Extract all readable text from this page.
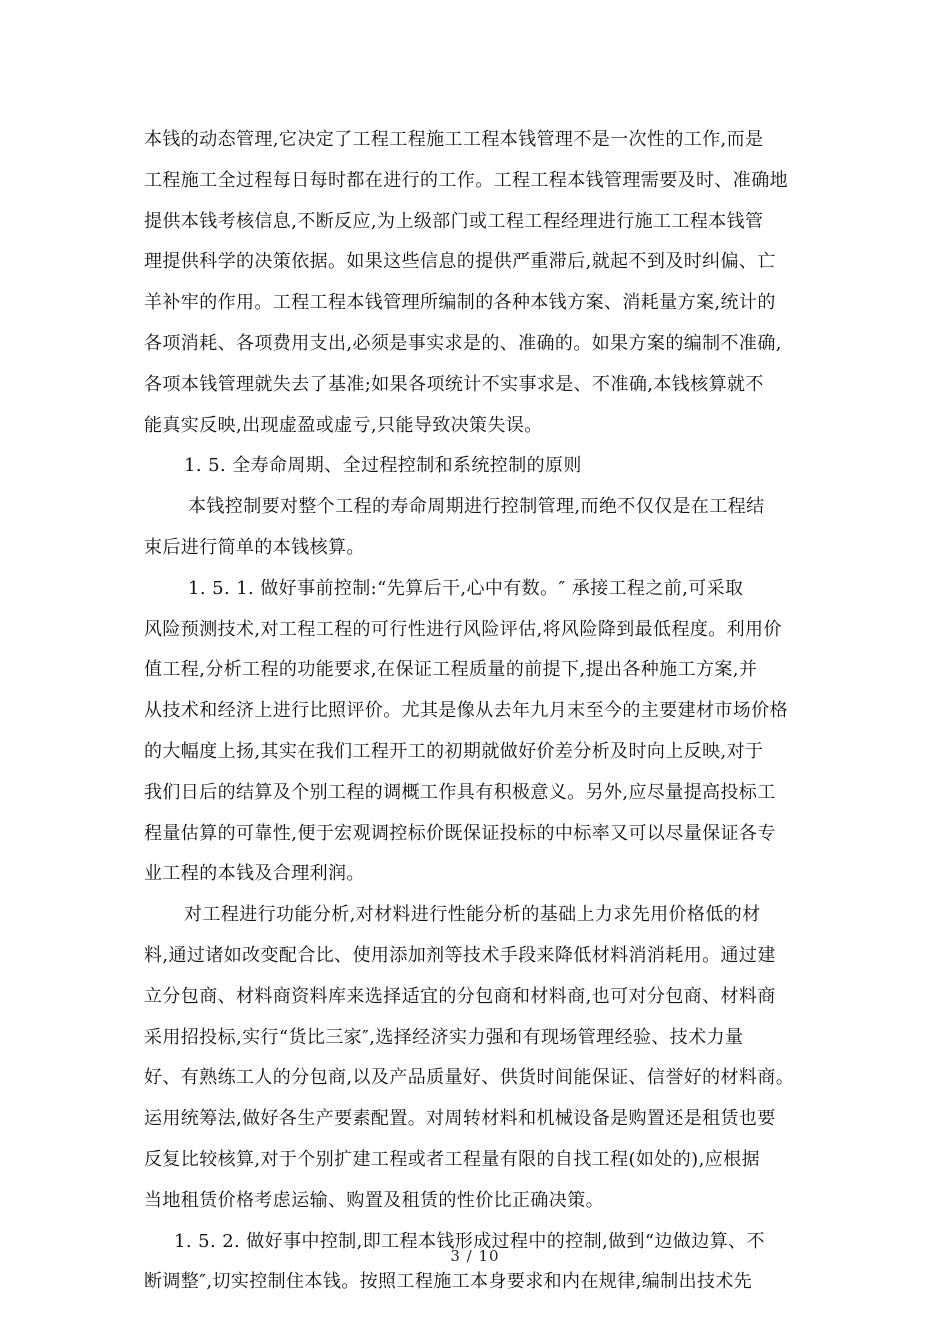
本钱的动态管理,它决定了工程工程施工工程本钱管理不是一次性的工作,而是
工程施工全过程每日每时都在进行的工作。工程工程本钱管理需要及时、准确地
提供本钱考核信息,不断反应,为上级部门或工程工程经理进行施工工程本钱管
理提供科学的决策依据。如果这些信息的提供严重滞后,就起不到及时纠偏、亡
羊补牢的作用。工程工程本钱管理所编制的各种本钱方案、消耗量方案,统计的
各项消耗、各项费用支出,必须是事实求是的、准确的。如果方案的编制不准确,
各项本钱管理就失去了基准;如果各项统计不实事求是、不准确,本钱核算就不
能真实反映,出现虚盈或虚亏,只能导致决策失误。
1. 5. 全寿命周期、全过程控制和系统控制的原则
本钱控制要对整个工程的寿命周期进行控制管理,而绝不仅仅是在工程结
束后进行简单的本钱核算。
1. 5. 1. 做好事前控制:“先算后干,心中有数。″ 承接工程之前,可采取
风险预测技术,对工程工程的可行性进行风险评估,将风险降到最低程度。利用价
值工程,分析工程的功能要求,在保证工程质量的前提下,提出各种施工方案,并
从技术和经济上进行比照评价。尤其是像从去年九月末至今的主要建材市场价格
的大幅度上扬,其实在我们工程开工的初期就做好价差分析及时向上反映,对于
我们日后的结算及个别工程的调概工作具有积极意义。另外,应尽量提高投标工
程量估算的可靠性,便于宏观调控标价既保证投标的中标率又可以尽量保证各专
业工程的本钱及合理利润。
对工程进行功能分析,对材料进行性能分析的基础上力求先用价格低的材
料,通过诸如改变配合比、使用添加剂等技术手段来降低材料消消耗用。通过建
立分包商、材料商资料库来选择适宜的分包商和材料商,也可对分包商、材料商
采用招投标,实行“货比三家″,选择经济实力强和有现场管理经验、技术力量
好、有熟练工人的分包商,以及产品质量好、供货时间能保证、信誉好的材料商。
运用统筹法,做好各生产要素配置。对周转材料和机械设备是购置还是租赁也要
反复比较核算,对于个别扩建工程或者工程量有限的自找工程(如处的),应根据
当地租赁价格考虑运输、购置及租赁的性价比正确决策。
1. 5. 2. 做好事中控制,即工程本钱形成过程中的控制,做到“边做边算、不
断调整″,切实控制住本钱。按照工程施工本身要求和内在规律,编制出技术先
3 / 10
